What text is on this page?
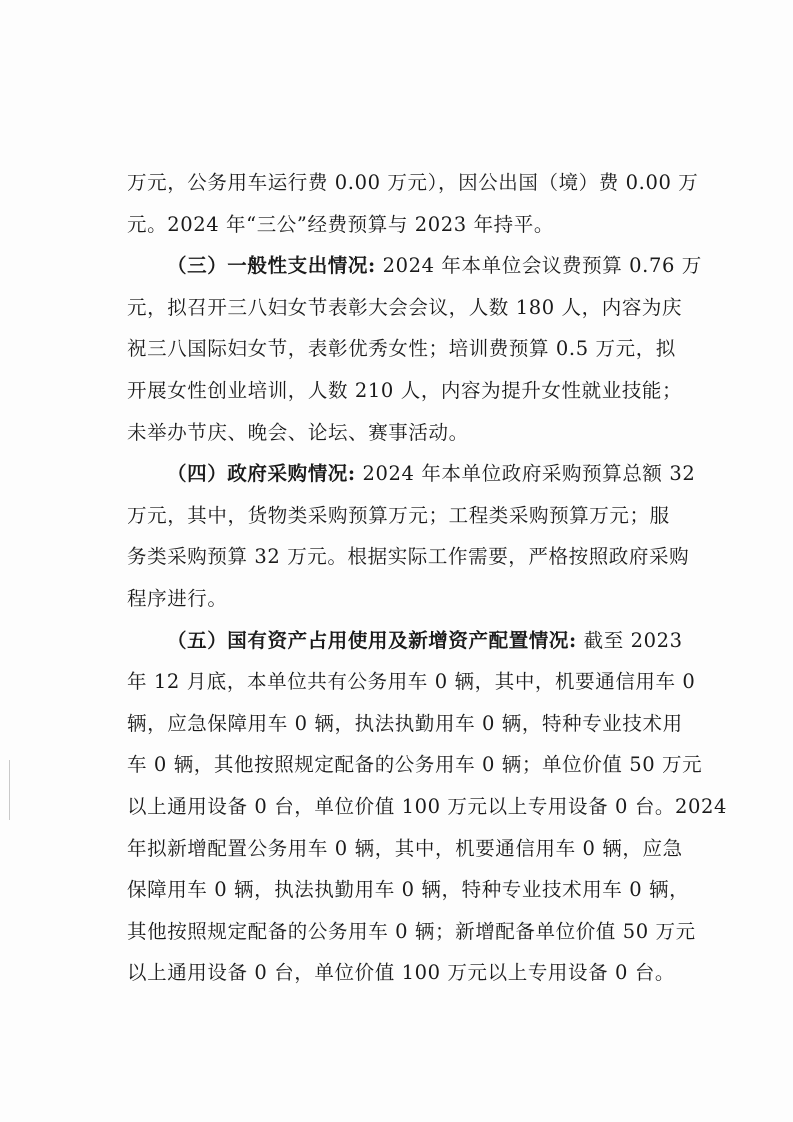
万元，公务用车运行费 0.00 万元），因公出国（境）费 0.00 万
元。2024 年“三公”经费预算与 2023 年持平。
（三）一般性支出情况: 2024 年本单位会议费预算 0.76 万
元，拟召开三八妇女节表彰大会会议，人数 180 人，内容为庆
祝三八国际妇女节，表彰优秀女性；培训费预算 0.5 万元，拟
开展女性创业培训，人数 210 人，内容为提升女性就业技能；
未举办节庆、晚会、论坛、赛事活动。
（四）政府采购情况: 2024 年本单位政府采购预算总额 32
万元，其中，货物类采购预算万元；工程类采购预算万元；服
务类采购预算 32 万元。根据实际工作需要，严格按照政府采购
程序进行。
（五）国有资产占用使用及新增资产配置情况: 截至 2023
年 12 月底，本单位共有公务用车 0 辆，其中，机要通信用车 0
辆，应急保障用车 0 辆，执法执勤用车 0 辆，特种专业技术用
车 0 辆，其他按照规定配备的公务用车 0 辆；单位价值 50 万元
以上通用设备 0 台，单位价值 100 万元以上专用设备 0 台。2024
年拟新增配置公务用车 0 辆，其中，机要通信用车 0 辆，应急
保障用车 0 辆，执法执勤用车 0 辆，特种专业技术用车 0 辆，
其他按照规定配备的公务用车 0 辆；新增配备单位价值 50 万元
以上通用设备 0 台，单位价值 100 万元以上专用设备 0 台。
